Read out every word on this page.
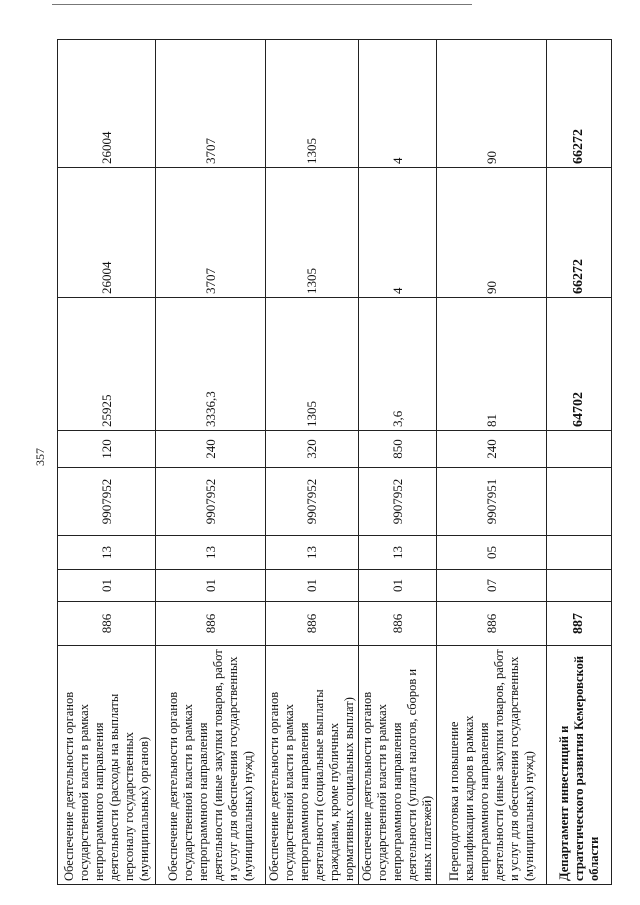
357
Обеспечение деятельности органов государственной власти в рамках непрограммного направления деятельности (расходы на выплаты персоналу государственных (муниципальных) органов)	886	01	13	9907952	120	25925	26004	26004
Обеспечение деятельности органов государственной власти в рамках непрограммного направления деятельности (иные закупки товаров, работ и услуг для обеспечения государственных (муниципальных) нужд)	886	01	13	9907952	240	3336,3	3707	3707
Обеспечение деятельности органов государственной власти в рамках непрограммного направления деятельности (социальные выплаты гражданам, кроме публичных нормативных социальных выплат)	886	01	13	9907952	320	1305	1305	1305
Обеспечение деятельности органов государственной власти в рамках непрограммного направления деятельности (уплата налогов, сборов и иных платежей)	886	01	13	9907952	850	3,6	4	4
Переподготовка и повышение квалификации кадров в рамках непрограммного направления деятельности (иные закупки товаров, работ и услуг для обеспечения государственных (муниципальных) нужд)	886	07	05	9907951	240	81	90	90
Департамент инвестиций и стратегического развития Кемеровской области	887					64702	66272	66272
